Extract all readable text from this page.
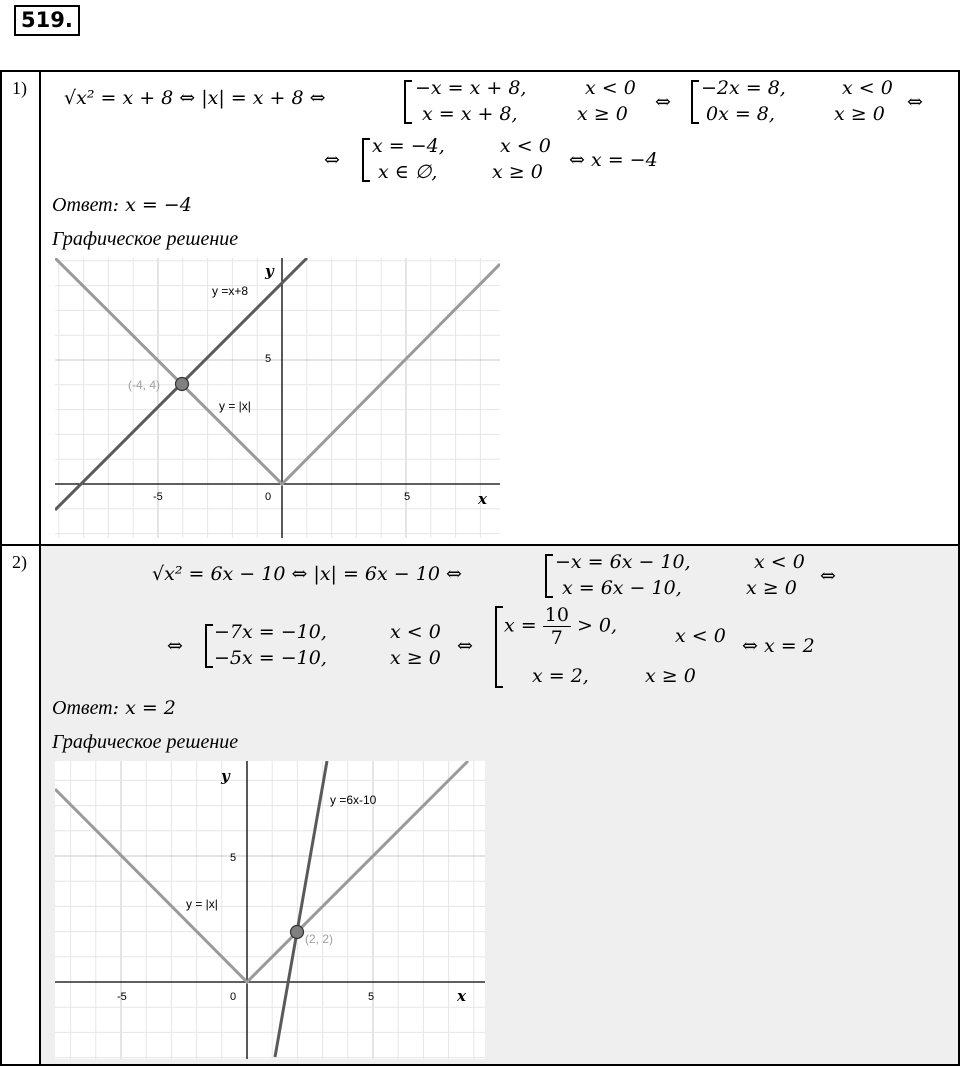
519.
1) √x² = x + 8 ⇔ |x| = x + 8 ⇔	−x = x + 8,	x < 0
x = x + 8,	x ≥ 0
⇔
−2x = 8,	x < 0
0x = 8,	x ≥ 0
⇔
⇔
x = −4,	x < 0
x ∈ ∅,	x ≥ 0
⇔ x = −4
Ответ: x = −4
Графическое решение
(-4, 4)
y =x+8
y = |x|
y
x
-5	0	5
5
2)
√x² = 6x − 10 ⇔ |x| = 6x − 10 ⇔
−x = 6x − 10,	x < 0
x = 6x − 10,	x ≥ 0
⇔
⇔
−7x = −10,	x < 0
−5x = −10,	x ≥ 0
⇔
$x = \frac{10}{7} > 0$,	x < 0
x = 2,	x ≥ 0
⇔ x = 2
Ответ: x = 2
Графическое решение
(2, 2)
y =6x-10
y = |x|
y
x
-5	0	5
5
